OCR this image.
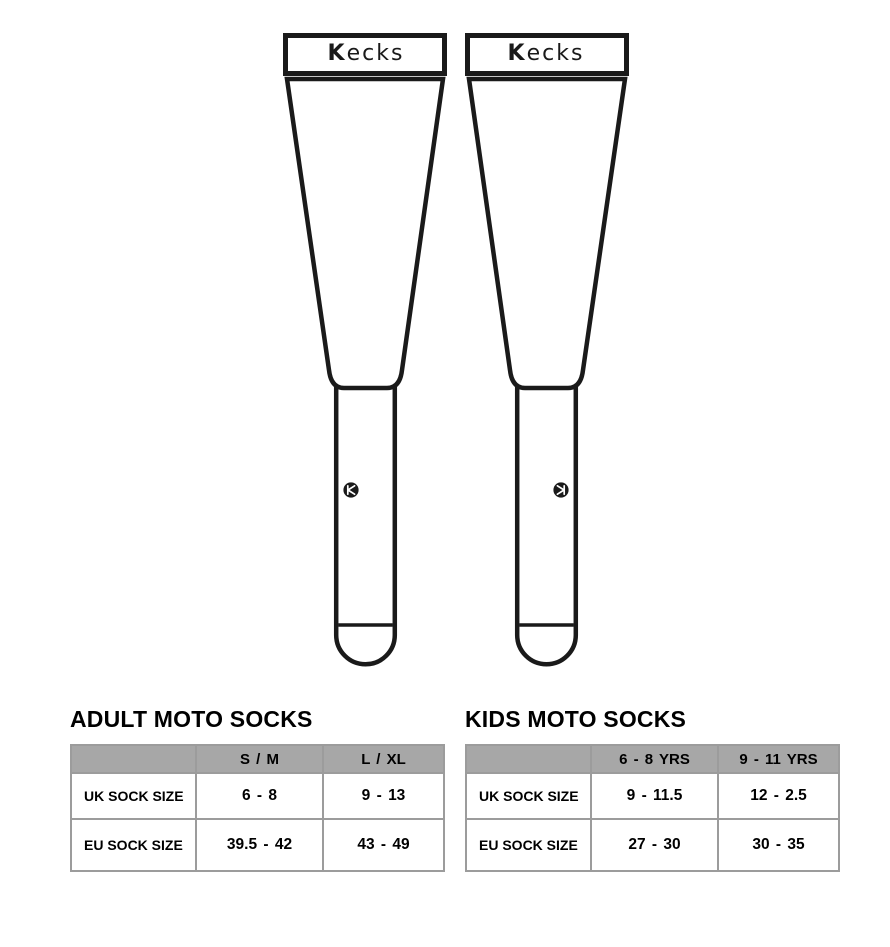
Kecks	Kecks
ADULT MOTO SOCKS
	S / M	L / XL
UK SOCK SIZE	6 - 8	9 - 13
EU SOCK SIZE	39.5 - 42	43 - 49
KIDS MOTO SOCKS
	6 - 8 YRS	9 - 11 YRS
UK SOCK SIZE	9 - 11.5	12 - 2.5
EU SOCK SIZE	27 - 30	30 - 35
